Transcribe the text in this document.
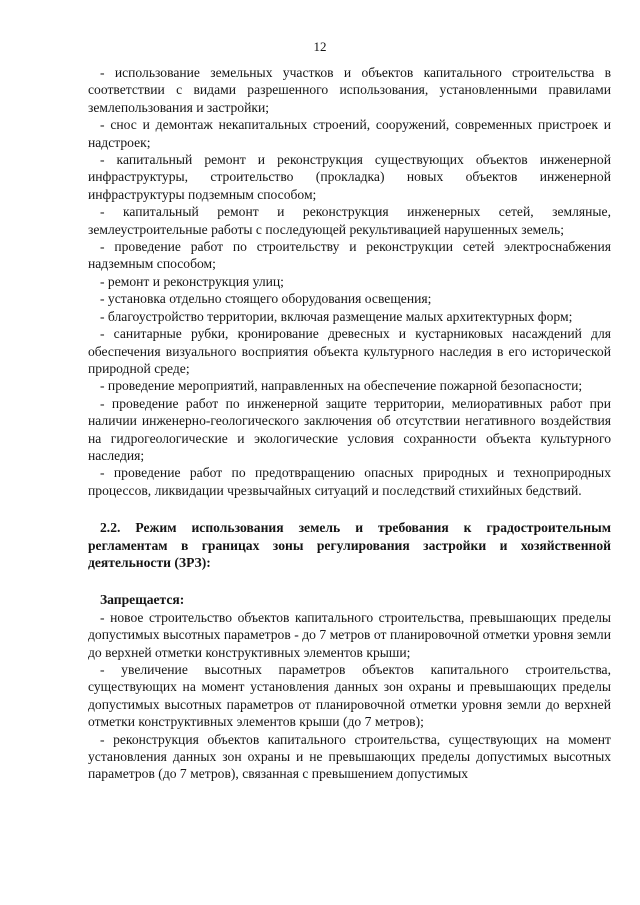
12

- использование земельных участков и объектов капитального строительства в соответствии с видами разрешенного использования, установленными правилами землепользования и застройки;

- снос и демонтаж некапитальных строений, сооружений, современных пристроек и надстроек;

- капитальный ремонт и реконструкция существующих объектов инженерной инфраструктуры, строительство (прокладка) новых объектов инженерной инфраструктуры подземным способом;

- капитальный ремонт и реконструкция инженерных сетей, земляные, землеустроительные работы с последующей рекультивацией нарушенных земель;

- проведение работ по строительству и реконструкции сетей электроснабжения надземным способом;

- ремонт и реконструкция улиц;

- установка отдельно стоящего оборудования освещения;

- благоустройство территории, включая размещение малых архитектурных форм;

- санитарные рубки, кронирование древесных и кустарниковых насаждений для обеспечения визуального восприятия объекта культурного наследия в его исторической природной среде;

- проведение мероприятий, направленных на обеспечение пожарной безопасности;

- проведение работ по инженерной защите территории, мелиоративных работ при наличии инженерно-геологического заключения об отсутствии негативного воздействия на гидрогеологические и экологические условия сохранности объекта культурного наследия;

- проведение работ по предотвращению опасных природных и техноприродных процессов, ликвидации чрезвычайных ситуаций и последствий стихийных бедствий.

2.2. Режим использования земель и требования к градостроительным регламентам в границах зоны регулирования застройки и хозяйственной деятельности (ЗРЗ):

Запрещается:

- новое строительство объектов капитального строительства, превышающих пределы допустимых высотных параметров - до 7 метров от планировочной отметки уровня земли до верхней отметки конструктивных элементов крыши;

- увеличение высотных параметров объектов капитального строительства, существующих на момент установления данных зон охраны и превышающих пределы допустимых высотных параметров от планировочной отметки уровня земли до верхней отметки конструктивных элементов крыши (до 7 метров);

- реконструкция объектов капитального строительства, существующих на момент установления данных зон охраны и не превышающих пределы допустимых высотных параметров (до 7 метров), связанная с превышением допустимых
